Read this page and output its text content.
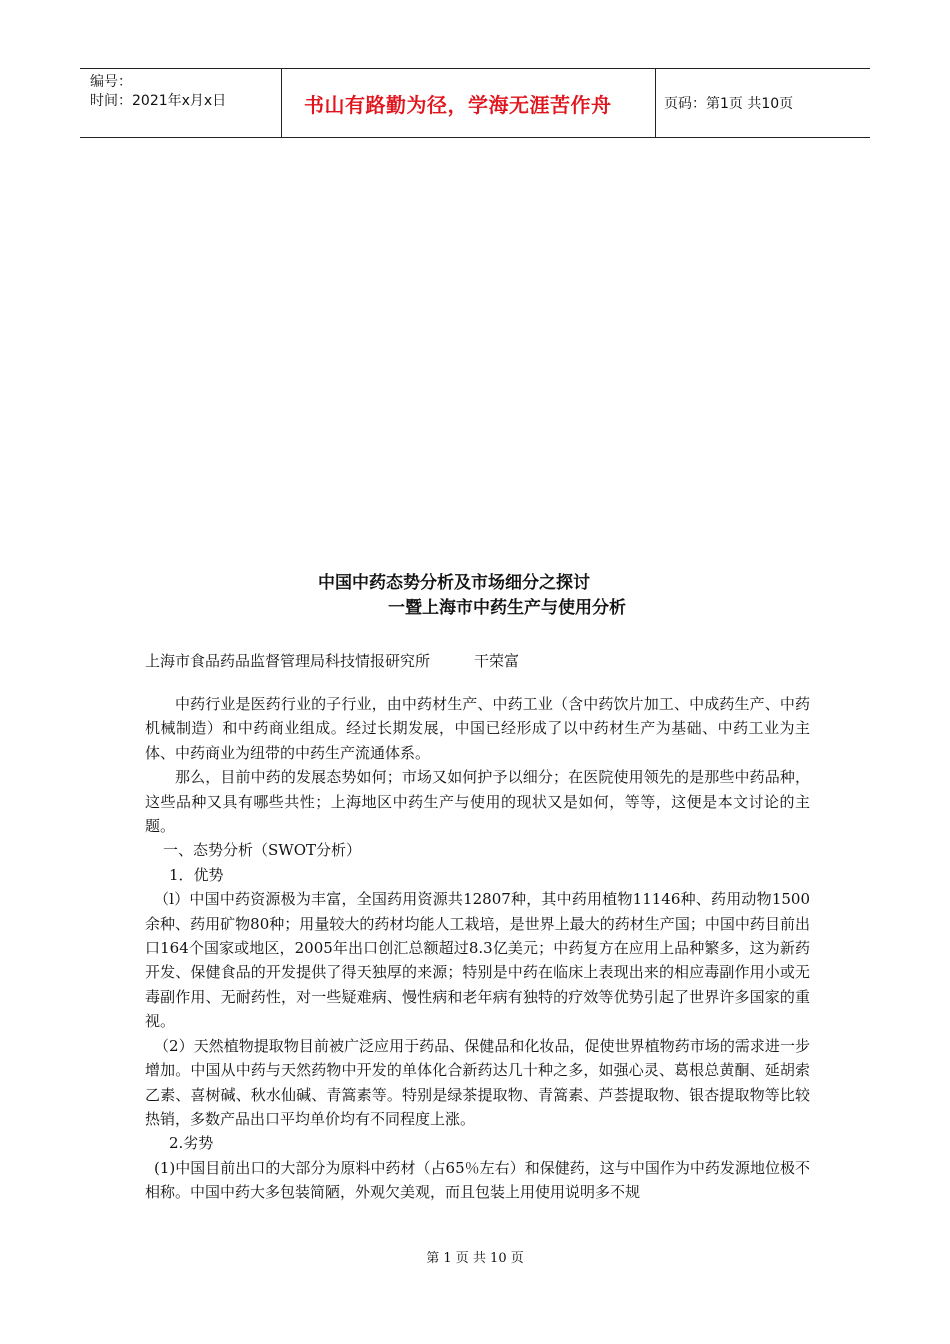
编号：
时间：2021年x月x日	书山有路勤为径，学海无涯苦作舟	页码：第1页 共10页
中国中药态势分析及市场细分之探讨
一暨上海市中药生产与使用分析
上海市食品药品监督管理局科技情报研究所	干荣富

中药行业是医药行业的子行业，由中药材生产、中药工业（含中药饮片加工、中成药生产、中药机械制造）和中药商业组成。经过长期发展，中国已经形成了以中药材生产为基础、中药工业为主体、中药商业为纽带的中药生产流通体系。

那么，目前中药的发展态势如何；市场又如何护予以细分；在医院使用领先的是那些中药品种，这些品种又具有哪些共性；上海地区中药生产与使用的现状又是如何，等等，这便是本文讨论的主题。

一、态势分析（SWOT分析）

1．优势

（l）中国中药资源极为丰富，全国药用资源共12807种，其中药用植物11146种、药用动物1500余种、药用矿物80种；用量较大的药材均能人工栽培，是世界上最大的药材生产国；中国中药目前出口164个国家或地区，2005年出口创汇总额超过8.3亿美元；中药复方在应用上品种繁多，这为新药开发、保健食品的开发提供了得天独厚的来源；特别是中药在临床上表现出来的相应毒副作用小或无毒副作用、无耐药性，对一些疑难病、慢性病和老年病有独特的疗效等优势引起了世界许多国家的重视。

（2）天然植物提取物目前被广泛应用于药品、保健品和化妆品，促使世界植物药市场的需求进一步增加。中国从中药与天然药物中开发的单体化合新药达几十种之多，如强心灵、葛根总黄酮、延胡索乙素、喜树碱、秋水仙碱、青篙素等。特别是绿茶提取物、青篙素、芦荟提取物、银杏提取物等比较热销，多数产品出口平均单价均有不同程度上涨。

2.劣势

(1)中国目前出口的大部分为原料中药材（占65％左右）和保健药，这与中国作为中药发源地位极不相称。中国中药大多包装简陋，外观欠美观，而且包装上用使用说明多不规

第 1 页 共 10 页
